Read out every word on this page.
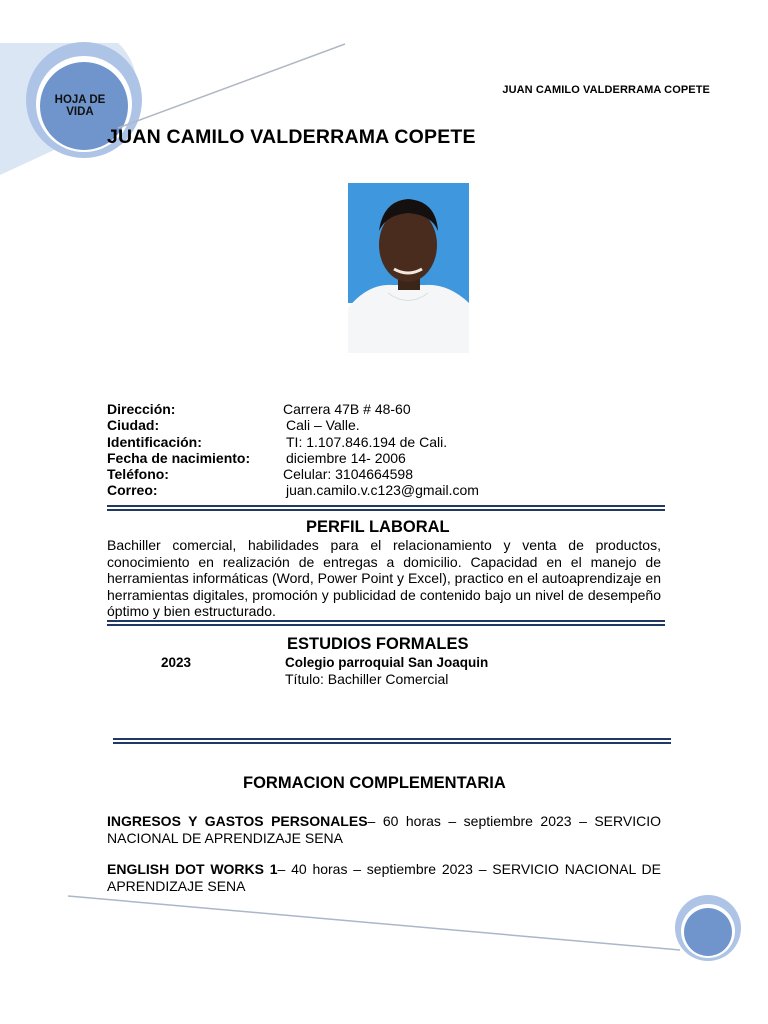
HOJA DE VIDA
JUAN CAMILO VALDERRAMA COPETE
JUAN CAMILO VALDERRAMA COPETE
Dirección:	Carrera 47B # 48-60
Ciudad:	Cali – Valle.
Identificación:	TI: 1.107.846.194 de Cali.
Fecha de nacimiento:	diciembre 14- 2006
Teléfono:	Celular: 3104664598
Correo:	juan.camilo.v.c123@gmail.com
PERFIL LABORAL
Bachiller comercial, habilidades para el relacionamiento y venta de productos, conocimiento en realización de entregas a domicilio. Capacidad en el manejo de herramientas informáticas (Word, Power Point y Excel), practico en el autoaprendizaje en herramientas digitales, promoción y publicidad de contenido bajo un nivel de desempeño óptimo y bien estructurado.
ESTUDIOS FORMALES
2023	Colegio parroquial San Joaquin
Título: Bachiller Comercial
FORMACION COMPLEMENTARIA
INGRESOS Y GASTOS PERSONALES– 60 horas – septiembre 2023 – SERVICIO NACIONAL DE APRENDIZAJE SENA
ENGLISH DOT WORKS 1– 40 horas – septiembre 2023 – SERVICIO NACIONAL DE APRENDIZAJE SENA
